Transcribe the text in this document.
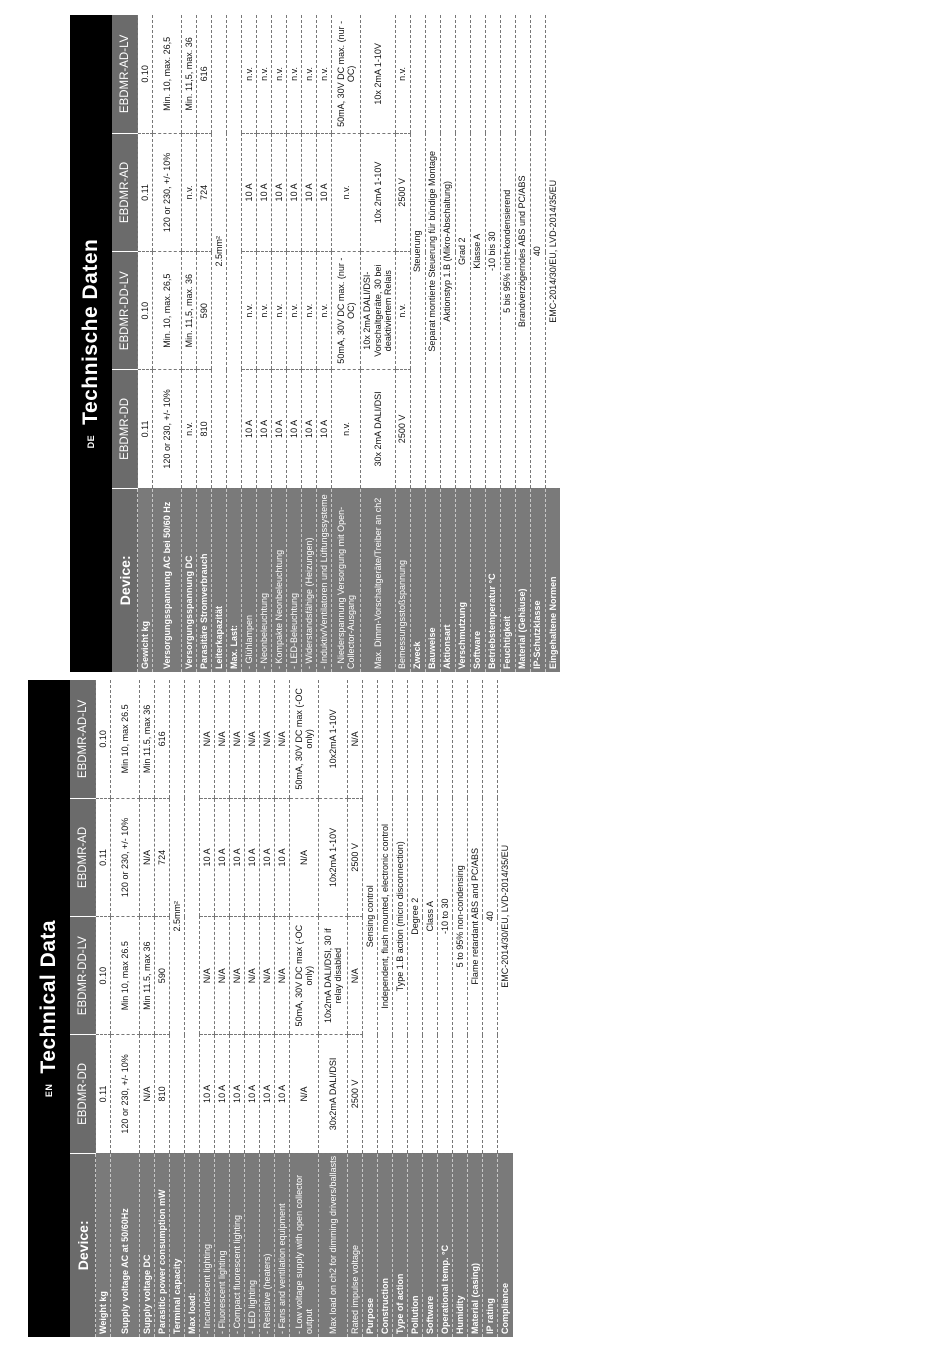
EN
Technical Data
Device:	EBDMR-DD	EBDMR-DD-LV	EBDMR-AD	EBDMR-AD-LV
Weight kg	0.11	0.10	0.11	0.10
Supply voltage AC at 50/60Hz	120 or 230, +/- 10%	Min 10, max 26.5	120 or 230, +/- 10%	Min 10, max 26.5
Supply voltage DC	N/A	Min 11.5, max 36	N/A	Min 11.5, max 36
Parasitic power consumption mW	810	590	724	616
Terminal capacity	2.5mm²			
Max load:				
- Incandescent lighting	10 A	N/A	10 A	N/A
- Fluorescent lighting	10 A	N/A	10 A	N/A
- Compact fluorescent lighting	10 A	N/A	10 A	N/A
- LED lighting	10 A	N/A	10 A	N/A
- Resistive (heaters)	10 A	N/A	10 A	N/A
- Fans and ventilation equipment	10 A	N/A	10 A	N/A
- Low voltage supply with open collector output	N/A	50mA, 30V DC max (-OC only)	N/A	50mA, 30V DC max (-OC only)
Max load on ch2 for dimming drivers/ballasts	30x2mA DALI/DSI	10x2mA DALI/DSI, 30 if relay disabled	10x2mA 1-10V	10x2mA 1-10V
Rated impulse voltage	2500 V	N/A	2500 V	N/A
Purpose	Sensing control			
Construction	Independent, flush mounted, electronic control			
Type of action	Type 1.B action (micro disconnection)			
Pollution	Degree 2			
Software	Class A			
Operational temp. °C	-10 to 30			
Humidity	5 to 95% non-condensing			
Material (casing)	Flame retardant ABS and PC/ABS			
IP rating	40			
Compliance	EMC-2014/30/EU, LVD-2014/35/EU			
DE
Technische Daten
Device:	EBDMR-DD	EBDMR-DD-LV	EBDMR-AD	EBDMR-AD-LV
Gewicht kg	0.11	0.10	0.11	0.10
Versorgungsspannung AC bei 50/60 Hz	120 or 230, +/- 10%	Min. 10, max. 26,5	120 or 230, +/- 10%	Min. 10, max. 26,5
Versorgungsspannung DC	n.v.	Min. 11,5, max. 36	n.v.	Min. 11,5, max. 36
Parasitäre Stromverbrauch	810	590	724	616
Leiterkapazität	2.5mm²			
Max. Last:				
- Glühlampen	10 A	n.v.	10 A	n.v.
- Neonbeleuchtung	10 A	n.v.	10 A	n.v.
- Kompakte Neonbeleuchtung	10 A	n.v.	10 A	n.v.
- LED-Beleuchtung	10 A	n.v.	10 A	n.v.
- Widerstandsfähige (Heizungen)	10 A	n.v.	10 A	n.v.
- Induktiv/Ventilatoren und Lüftungssysteme	10 A	n.v.	10 A	n.v.
- Niederspannung Versorgung mit Open-Collector-Ausgang	n.v.	50mA, 30V DC max. (nur -OC)	n.v.	50mA, 30V DC max. (nur -OC)
Max. Dimm-Vorschaltgeräte/Treiber an ch2	30x 2mA DALI/DSI	10x 2mA DALI/DSI-Vorschaltgeräte, 30 bei deaktiviertem Relais	10x 2mA 1-10V	10x 2mA 1-10V
Bemessungsstoßspannung	2500 V	n.v.	2500 V	n.v.
Zweck	Steuerung			
Bauweise	Separat montierte Steuerung für bündige Montage			
Aktionsart	Aktionstyp 1.B (Mikro-Abschaltung)			
Verschmutzung	Grad 2			
Software	Klasse A			
Betriebstemperatur °C	-10 bis 30			
Feuchtigkeit	5 bis 95% nicht-kondensierend			
Material (Gehäuse)	Brandverzögerndes ABS und PC/ABS			
IP-Schutzklasse	40			
Eingehaltene Normen	EMC-2014/30/EU, LVD-2014/35/EU			
